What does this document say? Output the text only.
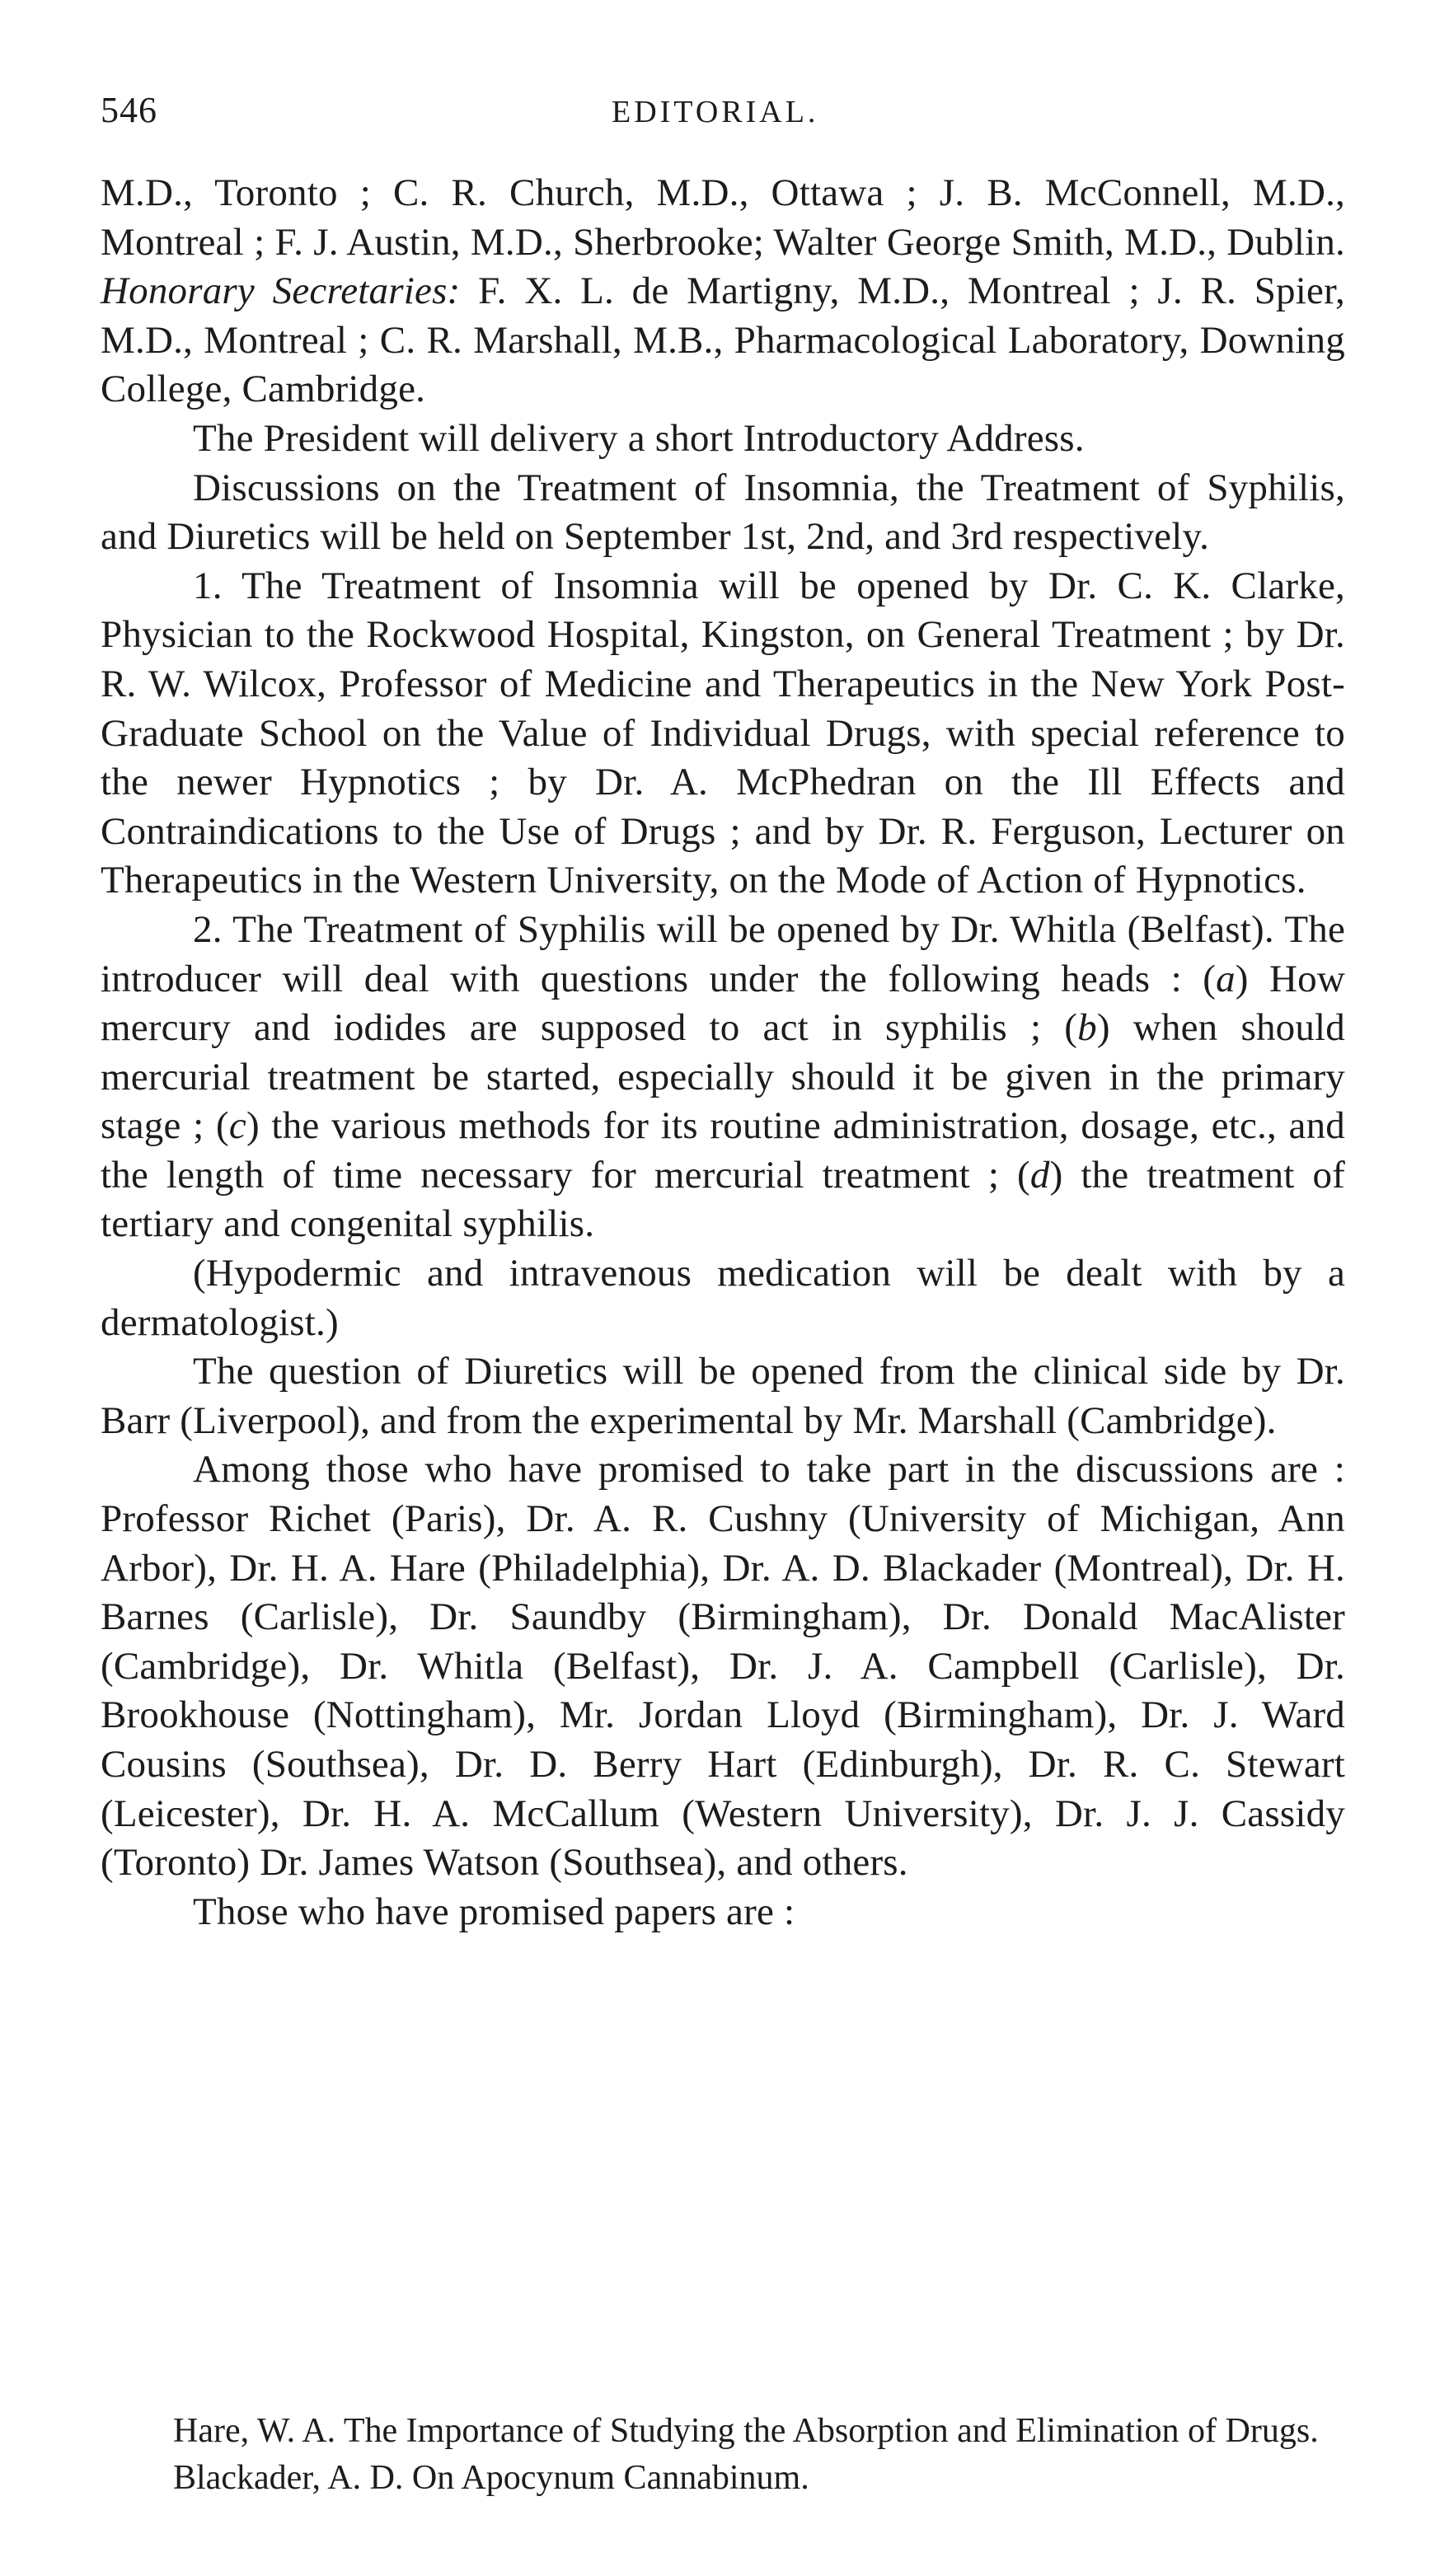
546	EDITORIAL.

M.D., Toronto ; C. R. Church, M.D., Ottawa ; J. B. McConnell, M.D., Montreal ; F. J. Austin, M.D., Sherbrooke; Walter George Smith, M.D., Dublin. Honorary Secretaries: F. X. L. de Martigny, M.D., Montreal ; J. R. Spier, M.D., Montreal ; C. R. Marshall, M.B., Pharmacological Laboratory, Downing College, Cambridge.

The President will delivery a short Introductory Address.

Discussions on the Treatment of Insomnia, the Treatment of Syphilis, and Diuretics will be held on September 1st, 2nd, and 3rd respectively.

1. The Treatment of Insomnia will be opened by Dr. C. K. Clarke, Physician to the Rockwood Hospital, Kingston, on General Treatment ; by Dr. R. W. Wilcox, Professor of Medicine and Therapeutics in the New York Post-Graduate School on the Value of Individual Drugs, with special reference to the newer Hypnotics ; by Dr. A. McPhedran on the Ill Effects and Contraindications to the Use of Drugs ; and by Dr. R. Ferguson, Lecturer on Therapeutics in the Western University, on the Mode of Action of Hypnotics.

2. The Treatment of Syphilis will be opened by Dr. Whitla (Belfast). The introducer will deal with questions under the following heads : (a) How mercury and iodides are supposed to act in syphilis ; (b) when should mercurial treatment be started, especially should it be given in the primary stage ; (c) the various methods for its routine administration, dosage, etc., and the length of time necessary for mercurial treatment ; (d) the treatment of tertiary and congenital syphilis.

(Hypodermic and intravenous medication will be dealt with by a dermatologist.)

The question of Diuretics will be opened from the clinical side by Dr. Barr (Liverpool), and from the experimental by Mr. Marshall (Cambridge).

Among those who have promised to take part in the discussions are : Professor Richet (Paris), Dr. A. R. Cushny (University of Michigan, Ann Arbor), Dr. H. A. Hare (Philadelphia), Dr. A. D. Blackader (Montreal), Dr. H. Barnes (Carlisle), Dr. Saundby (Birmingham), Dr. Donald MacAlister (Cambridge), Dr. Whitla (Belfast), Dr. J. A. Campbell (Carlisle), Dr. Brookhouse (Nottingham), Mr. Jordan Lloyd (Birmingham), Dr. J. Ward Cousins (Southsea), Dr. D. Berry Hart (Edinburgh), Dr. R. C. Stewart (Leicester), Dr. H. A. McCallum (Western University), Dr. J. J. Cassidy (Toronto) Dr. James Watson (Southsea), and others.

Those who have promised papers are :

Hare, W. A. The Importance of Studying the Absorption and Elimination of Drugs.

Blackader, A. D. On Apocynum Cannabinum.
